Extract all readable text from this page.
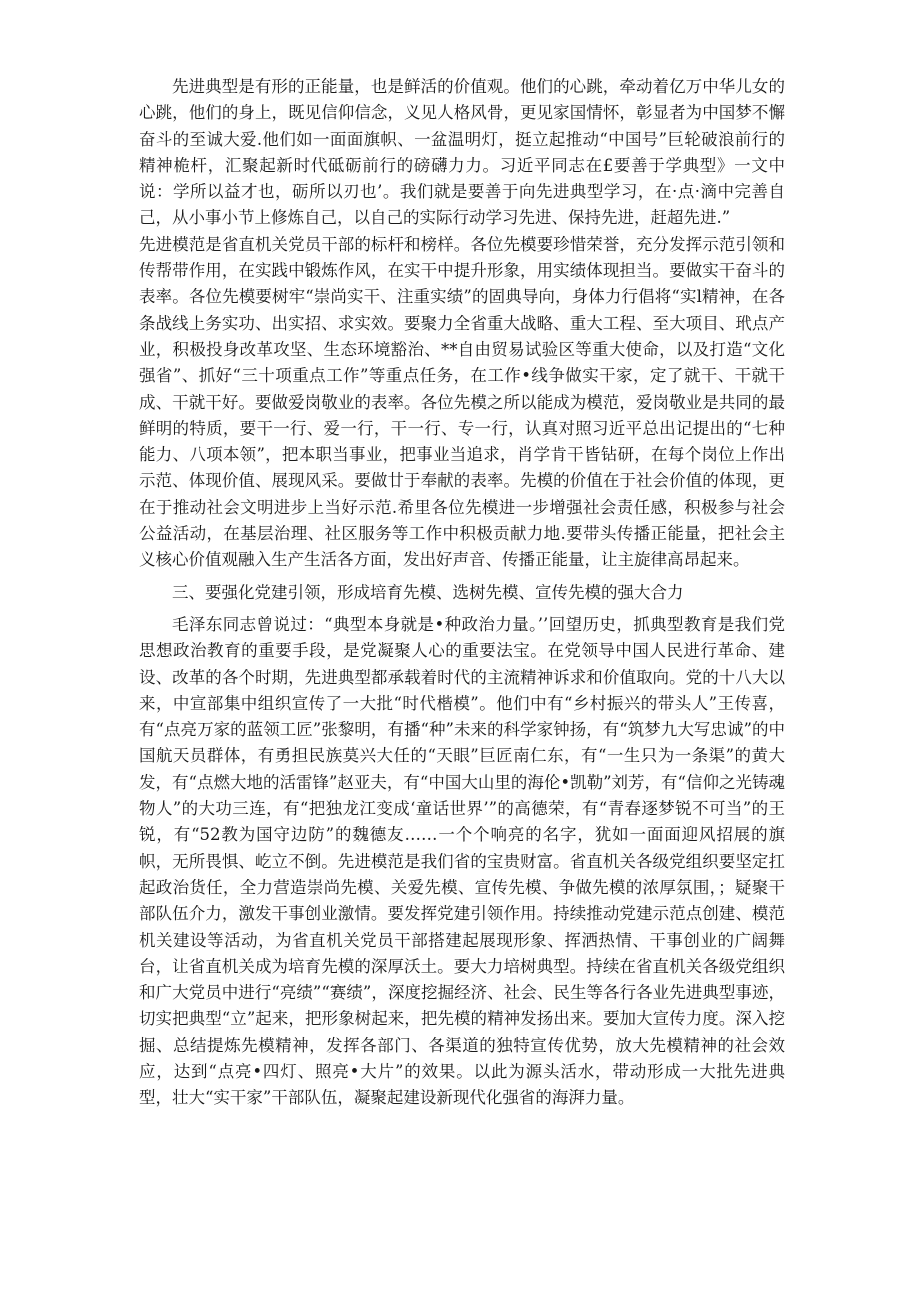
先进典型是有形的正能量，也是鲜活的价值观。他们的心跳，牵动着亿万中华儿女的心跳，他们的身上，既见信仰信念，义见人格风骨，更见家国情怀，彰显者为中国梦不懈奋斗的至诚大爱.他们如一面面旗帜、一盆温明灯，挺立起推动“中国号”巨轮破浪前行的精神桅杆，汇聚起新时代砥砺前行的磅礴力力。习近平同志在£要善于学典型》一文中说：学所以益才也，砺所以刃也’。我们就是要善于向先进典型学习，在·点·滴中完善自己，从小事小节上修炼自己，以自己的实际行动学习先进、保持先进，赶超先进.”

先进模范是省直机关党员干部的标杆和榜样。各位先模要珍惜荣誉，充分发挥示范引领和传帮带作用，在实践中锻炼作风，在实干中提升形象，用实绩体现担当。要做实干奋斗的表率。各位先模要树牢“崇尚实干、注重实绩”的固典导向，身体力行倡将“实l精神，在各条战线上务实功、出实招、求实效。要聚力全省重大战略、重大工程、至大项目、玳点产业，积极投身改革攻坚、生态环境豁治、**自由贸易试验区等重大使命，以及打造“文化强省”、抓好“三十项重点工作”等重点任务，在工作•线争做实干家，定了就干、干就干成、干就干好。要做爱岗敬业的表率。各位先模之所以能成为模范，爱岗敬业是共同的最鲜明的特质，要干一行、爱一行，干一行、专一行，认真对照习近平总出记提出的“七种能力、八项本领”，把本职当事业，把事业当追求，肖学肯干皆钻研，在每个岗位上作出示范、体现价值、展现风采。要做廿于奉献的表率。先模的价值在于社会价值的体现，更在于推动社会文明进步上当好示范.希里各位先模进一步增强社会责任感，积极参与社会公益活动，在基层治理、社区服务等工作中积极贡献力地.要带头传播正能量，把社会主义核心价值观融入生产生活各方面，发出好声音、传播正能量，让主旋律高昂起来。

三、要强化党建引领，形成培育先模、选树先模、宣传先模的强大合力

毛泽东同志曾说过：“典型本身就是•种政治力量。’’回望历史，抓典型教育是我们党思想政治教育的重要手段，是党凝聚人心的重要法宝。在党领导中国人民进行革命、建设、改革的各个时期，先进典型都承载着时代的主流精神诉求和价值取向。党的十八大以来，中宣部集中组织宣传了一大批“时代楷模”。他们中有“乡村振兴的带头人”王传喜，有“点亮万家的蓝领工匠”张黎明，有播“种”未来的科学家钟扬，有“筑梦九大写忠诚”的中国航天员群体，有勇担民族莫兴大任的“天眼”巨匠南仁东，有“一生只为一条渠”的黄大发，有“点燃大地的活雷锋”赵亚夫，有“中国大山里的海伦•凯勒”刘芳，有“信仰之光铸魂物人”的大功三连，有“把独龙江变成‘童话世界’”的高德荣，有“青春逐梦锐不可当”的王锐，有“52教为国守边防”的魏德友……一个个响亮的名字，犹如一面面迎风招展的旗帜，无所畏惧、屹立不倒。先进模范是我们省的宝贵财富。省直机关各级党组织要坚定扛起政治货任，全力营造崇尚先模、关爱先模、宣传先模、争做先模的浓厚氛围，；疑聚干部队伍介力，激发干事创业激情。要发挥党建引领作用。持续推动党建示范点创建、模范机关建设等活动，为省直机关党员干部搭建起展现形象、挥洒热情、干事创业的广阔舞台，让省直机关成为培育先模的深厚沃土。要大力培树典型。持续在省直机关各级党组织和广大党员中进行“亮绩”“赛绩”，深度挖掘经济、社会、民生等各行各业先进典型事迹，切实把典型“立”起来，把形象树起来，把先模的精神发扬出来。要加大宣传力度。深入挖掘、总结提炼先模精神，发挥各部门、各渠道的独特宣传优势，放大先模精神的社会效应，达到“点亮•四灯、照亮•大片”的效果。以此为源头活水，带动形成一大批先进典型，壮大“实干家”干部队伍，凝聚起建设新现代化强省的海湃力量。
